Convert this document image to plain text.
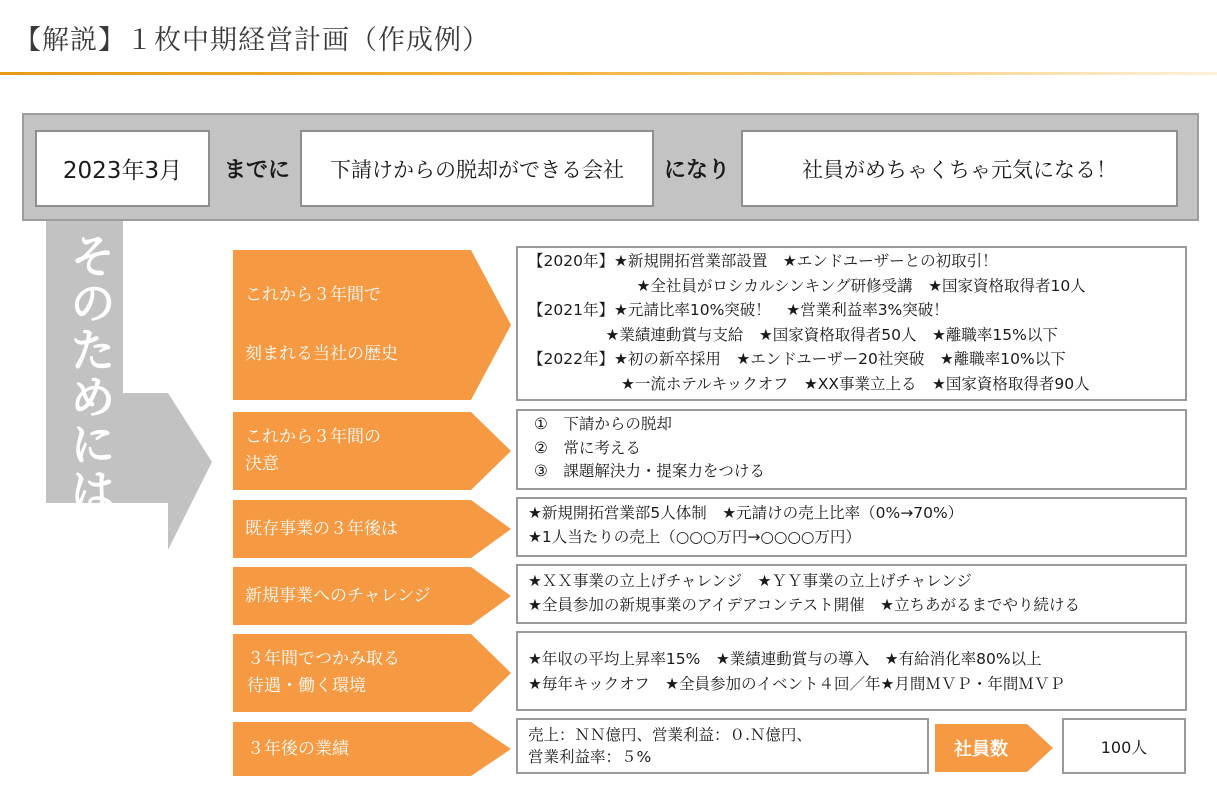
【解説】１枚中期経営計画（作成例）
2023年3月	までに	下請けからの脱却ができる会社	になり	社員がめちゃくちゃ元気になる！
そのためには	これから３年間で
刻まれる当社の歴史
【2020年】★新規開拓営業部設置　★エンドユーザーとの初取引！
　　　　　　　★全社員がロシカルシンキング研修受講　★国家資格取得者10人
【2021年】★元請比率10%突破！　★営業利益率3%突破！
　　　　　★業績連動賞与支給　★国家資格取得者50人　★離職率15%以下
【2022年】★初の新卒採用　★エンドユーザー20社突破　★離職率10%以下
　　　　　　★一流ホテルキックオフ　★XX事業立上る　★国家資格取得者90人
これから３年間の
決意
①　下請からの脱却
②　常に考える
③　課題解決力・提案力をつける
既存事業の３年後は
★新規開拓営業部5人体制　★元請けの売上比率（0%→70%）
★1人当たりの売上（○○○万円→○○○○万円）
新規事業へのチャレンジ
★ＸＸ事業の立上げチャレンジ　★ＹＹ事業の立上げチャレンジ
★全員参加の新規事業のアイデアコンテスト開催　★立ちあがるまでやり続ける
３年間でつかみ取る
待遇・働く環境
★年収の平均上昇率15%　★業績連動賞与の導入　★有給消化率80%以上
★毎年キックオフ　★全員参加のイベント４回／年★月間ＭＶＰ・年間ＭＶＰ
３年後の業績
売上：ＮＮ億円、営業利益：０.Ｎ億円、
営業利益率：５%	社員数	100人
